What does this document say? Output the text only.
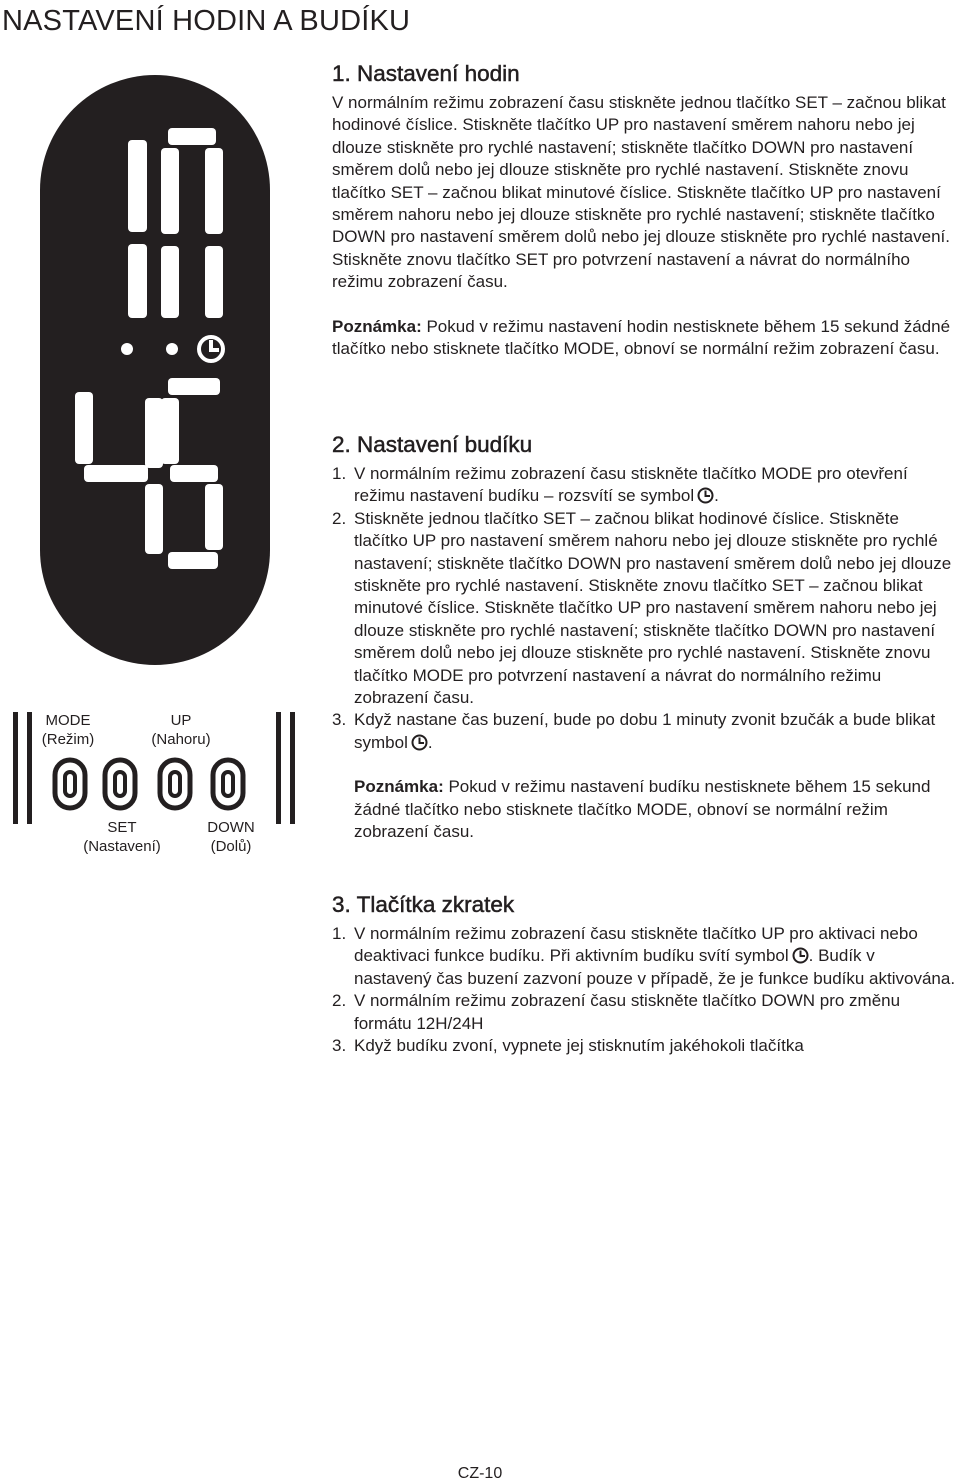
NASTAVENÍ HODIN A BUDÍKU
MODE
(Režim)
UP
(Nahoru)
SET
(Nastavení)
DOWN
(Dolů)
1. Nastavení hodin

V normálním režimu zobrazení času stiskněte jednou tlačítko SET – začnou blikat hodinové číslice. Stiskněte tlačítko UP pro nastavení směrem nahoru nebo jej dlouze stiskněte pro rychlé nastavení; stiskněte tlačítko DOWN pro nastavení směrem dolů nebo jej dlouze stiskněte pro rychlé nastavení. Stiskněte znovu tlačítko SET – začnou blikat minutové číslice. Stiskněte tlačítko UP pro nastavení směrem nahoru nebo jej dlouze stiskněte pro rychlé nastavení; stiskněte tlačítko DOWN pro nastavení směrem dolů nebo jej dlouze stiskněte pro rychlé nastavení. Stiskněte znovu tlačítko SET pro potvrzení nastavení a návrat do normálního režimu zobrazení času.

Poznámka: Pokud v režimu nastavení hodin nestisknete během 15 sekund žádné tlačítko nebo stisknete tlačítko MODE, obnoví se normální režim zobrazení času.

2. Nastavení budíku
1. V normálním režimu zobrazení času stiskněte tlačítko MODE pro otevření režimu nastavení budíku – rozsvítí se symbol .
2. Stiskněte jednou tlačítko SET – začnou blikat hodinové číslice. Stiskněte tlačítko UP pro nastavení směrem nahoru nebo jej dlouze stiskněte pro rychlé nastavení; stiskněte tlačítko DOWN pro nastavení směrem dolů nebo jej dlouze stiskněte pro rychlé nastavení. Stiskněte znovu tlačítko SET – začnou blikat minutové číslice. Stiskněte tlačítko UP pro nastavení směrem nahoru nebo jej dlouze stiskněte pro rychlé nastavení; stiskněte tlačítko DOWN pro nastavení směrem dolů nebo jej dlouze stiskněte pro rychlé nastavení. Stiskněte znovu tlačítko MODE pro potvrzení nastavení a návrat do normálního režimu zobrazení času.
3. Když nastane čas buzení, bude po dobu 1 minuty zvonit bzučák a bude blikat symbol .

Poznámka: Pokud v režimu nastavení budíku nestisknete během 15 sekund žádné tlačítko nebo stisknete tlačítko MODE, obnoví se normální režim zobrazení času.

3. Tlačítka zkratek
1. V normálním režimu zobrazení času stiskněte tlačítko UP pro aktivaci nebo deaktivaci funkce budíku. Při aktivním budíku svítí symbol . Budík v nastavený čas buzení zazvoní pouze v případě, že je funkce budíku aktivována.
2. V normálním režimu zobrazení času stiskněte tlačítko DOWN pro změnu formátu 12H/24H
3. Když budíku zvoní, vypnete jej stisknutím jakéhokoli tlačítka
CZ-10
